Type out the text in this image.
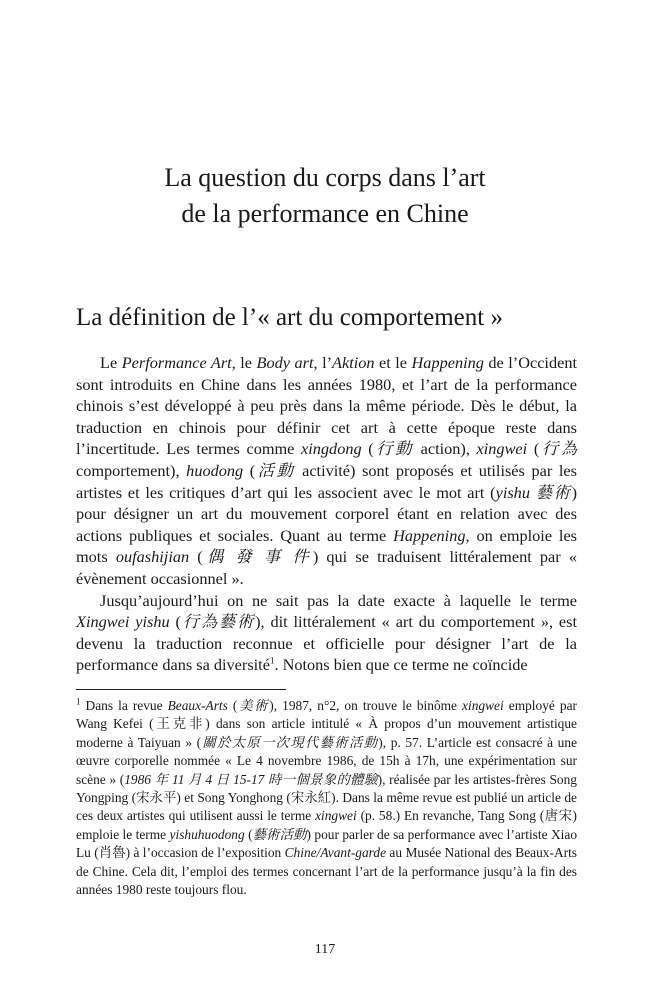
La question du corps dans l’art
de la performance en Chine
La définition de l’« art du comportement »

Le Performance Art, le Body art, l’Aktion et le Happening de l’Occident sont introduits en Chine dans les années 1980, et l’art de la performance chinois s’est développé à peu près dans la même période. Dès le début, la traduction en chinois pour définir cet art à cette époque reste dans l’incertitude. Les termes comme xingdong (行動 action), xingwei (行為 comportement), huodong (活動 activité) sont proposés et utilisés par les artistes et les critiques d’art qui les associent avec le mot art (yishu 藝術) pour désigner un art du mouvement corporel étant en relation avec des actions publiques et sociales. Quant au terme Happening, on emploie les mots oufashijian (偶 發 事 件) qui se traduisent littéralement par « évènement occasionnel ».

Jusqu’aujourd’hui on ne sait pas la date exacte à laquelle le terme Xingwei yishu (行為藝術), dit littéralement « art du comportement », est devenu la traduction reconnue et officielle pour désigner l’art de la performance dans sa diversité$^1$. Notons bien que ce terme ne coïncide

$^1$ Dans la revue Beaux-Arts (美術), 1987, n°2, on trouve le binôme xingwei employé par Wang Kefei (王克非) dans son article intitulé « À propos d’un mouvement artistique moderne à Taiyuan » (關於太原一次現代藝術活動), p. 57. L’article est consacré à une œuvre corporelle nommée « Le 4 novembre 1986, de 15h à 17h, une expérimentation sur scène » (1986 年 11 月 4 日 15-17 時一個景象的體驗), réalisée par les artistes-frères Song Yongping (宋永平) et Song Yonghong (宋永紅). Dans la même revue est publié un article de ces deux artistes qui utilisent aussi le terme xingwei (p. 58.) En revanche, Tang Song (唐宋) emploie le terme yishuhuodong (藝術活動) pour parler de sa performance avec l’artiste Xiao Lu (肖魯) à l’occasion de l’exposition Chine/Avant-garde au Musée National des Beaux-Arts de Chine. Cela dit, l’emploi des termes concernant l’art de la performance jusqu’à la fin des années 1980 reste toujours flou.

117
